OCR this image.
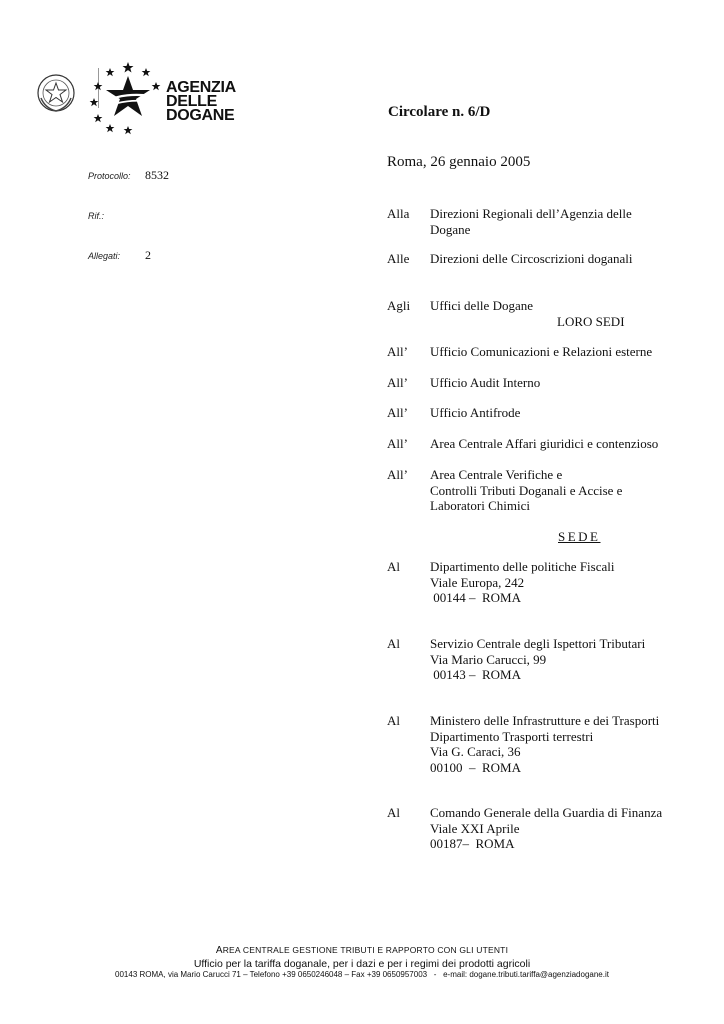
AGENZIA
DELLE
DOGANE	Circolare n. 6/D
Roma, 26 gennaio 2005
Protocollo: 8532
Rif.:
Allegati: 2
Alla Direzioni Regionali dell’Agenzia delle
Dogane
Alle Direzioni delle Circoscrizioni doganali
Agli Uffici delle Dogane
LORO SEDI
All’ Ufficio Comunicazioni e Relazioni esterne
All’ Ufficio Audit Interno
All’ Ufficio Antifrode
All’ Area Centrale Affari giuridici e contenzioso
All’ Area Centrale Verifiche e
Controlli Tributi Doganali e Accise e
Laboratori Chimici
SEDE
Al Dipartimento delle politiche Fiscali
Viale Europa, 242
00144 –  ROMA
Al Servizio Centrale degli Ispettori Tributari
Via Mario Carucci, 99
00143 –  ROMA
Al Ministero delle Infrastrutture e dei Trasporti
Dipartimento Trasporti terrestri
Via G. Caraci, 36
00100  –  ROMA
Al Comando Generale della Guardia di Finanza
Viale XXI Aprile
00187–  ROMA
AREA CENTRALE GESTIONE TRIBUTI E RAPPORTO CON GLI UTENTI
Ufficio per la tariffa doganale, per i dazi e per i regimi dei prodotti agricoli
00143 ROMA, via Mario Carucci 71 – Telefono +39 0650246048 – Fax +39 0650957003   -   e-mail: dogane.tributi.tariffa@agenziadogane.it
